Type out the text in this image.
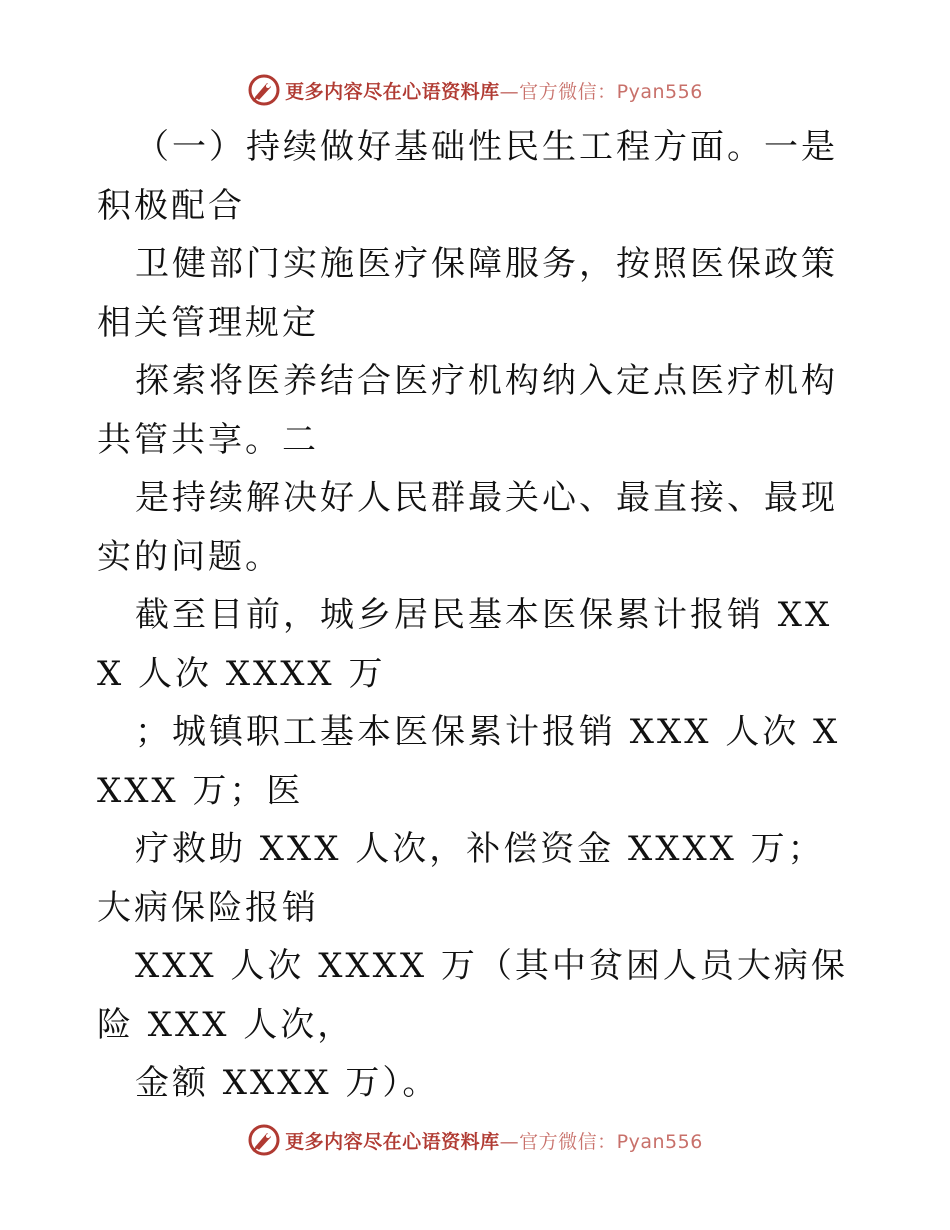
更多内容尽在心语资料库—官方微信：Pyan556

（一）持续做好基础性民生工程方面。一是积极配合

卫健部门实施医疗保障服务，按照医保政策相关管理规定

探索将医养结合医疗机构纳入定点医疗机构共管共享。二

是持续解决好人民群最关心、最直接、最现实的问题。

截至目前，城乡居民基本医保累计报销 XXX 人次 XXXX 万

；城镇职工基本医保累计报销 XXX 人次 XXXX 万；医

疗救助 XXX 人次，补偿资金 XXXX 万；大病保险报销

XXX 人次 XXXX 万（其中贫困人员大病保险 XXX 人次，

金额 XXXX 万）。

更多内容尽在心语资料库—官方微信：Pyan556
